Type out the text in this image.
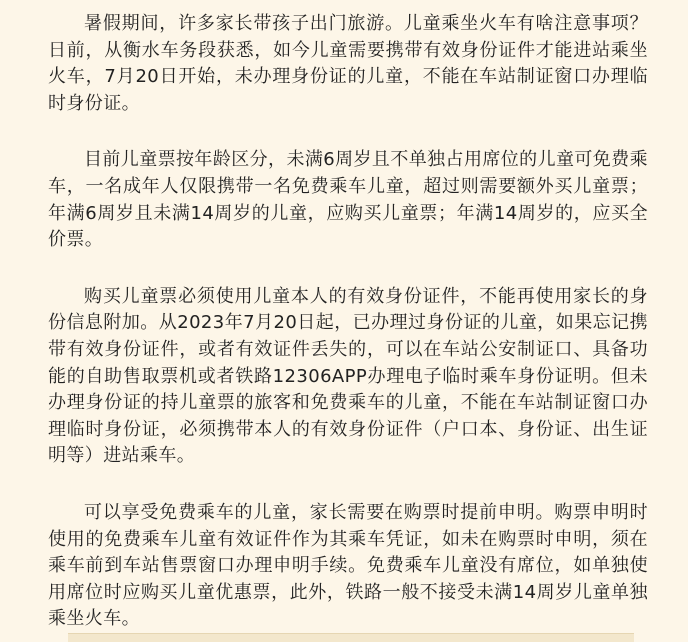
暑假期间，许多家长带孩子出门旅游。儿童乘坐火车有啥注意事项？日前，从衡水车务段获悉，如今儿童需要携带有效身份证件才能进站乘坐火车，7月20日开始，未办理身份证的儿童，不能在车站制证窗口办理临时身份证。

目前儿童票按年龄区分，未满6周岁且不单独占用席位的儿童可免费乘车，一名成年人仅限携带一名免费乘车儿童，超过则需要额外买儿童票；年满6周岁且未满14周岁的儿童，应购买儿童票；年满14周岁的，应买全价票。

购买儿童票必须使用儿童本人的有效身份证件，不能再使用家长的身份信息附加。从2023年7月20日起，已办理过身份证的儿童，如果忘记携带有效身份证件，或者有效证件丢失的，可以在车站公安制证口、具备功能的自助售取票机或者铁路12306APP办理电子临时乘车身份证明。但未办理身份证的持儿童票的旅客和免费乘车的儿童，不能在车站制证窗口办理临时身份证，必须携带本人的有效身份证件（户口本、身份证、出生证明等）进站乘车。

可以享受免费乘车的儿童，家长需要在购票时提前申明。购票申明时使用的免费乘车儿童有效证件作为其乘车凭证，如未在购票时申明，须在乘车前到车站售票窗口办理申明手续。免费乘车儿童没有席位，如单独使用席位时应购买儿童优惠票，此外，铁路一般不接受未满14周岁儿童单独乘坐火车。
